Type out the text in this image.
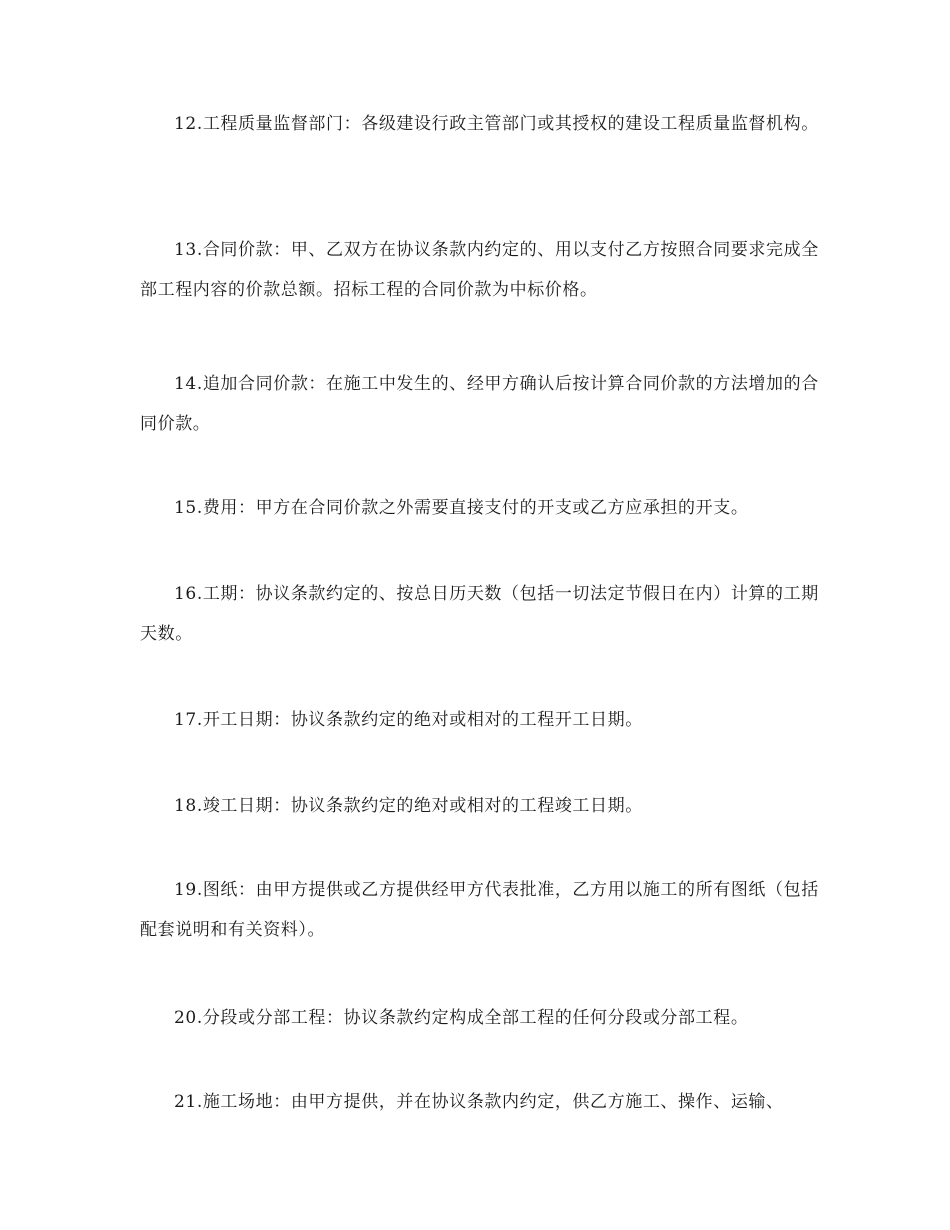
12.工程质量监督部门：各级建设行政主管部门或其授权的建设工程质量监督机构。

13.合同价款：甲、乙双方在协议条款内约定的、用以支付乙方按照合同要求完成全部工程内容的价款总额。招标工程的合同价款为中标价格。

14.追加合同价款：在施工中发生的、经甲方确认后按计算合同价款的方法增加的合同价款。

15.费用：甲方在合同价款之外需要直接支付的开支或乙方应承担的开支。

16.工期：协议条款约定的、按总日历天数（包括一切法定节假日在内）计算的工期天数。

17.开工日期：协议条款约定的绝对或相对的工程开工日期。

18.竣工日期：协议条款约定的绝对或相对的工程竣工日期。

19.图纸：由甲方提供或乙方提供经甲方代表批准，乙方用以施工的所有图纸（包括配套说明和有关资料）。

20.分段或分部工程：协议条款约定构成全部工程的任何分段或分部工程。

21.施工场地：由甲方提供，并在协议条款内约定，供乙方施工、操作、运输、
